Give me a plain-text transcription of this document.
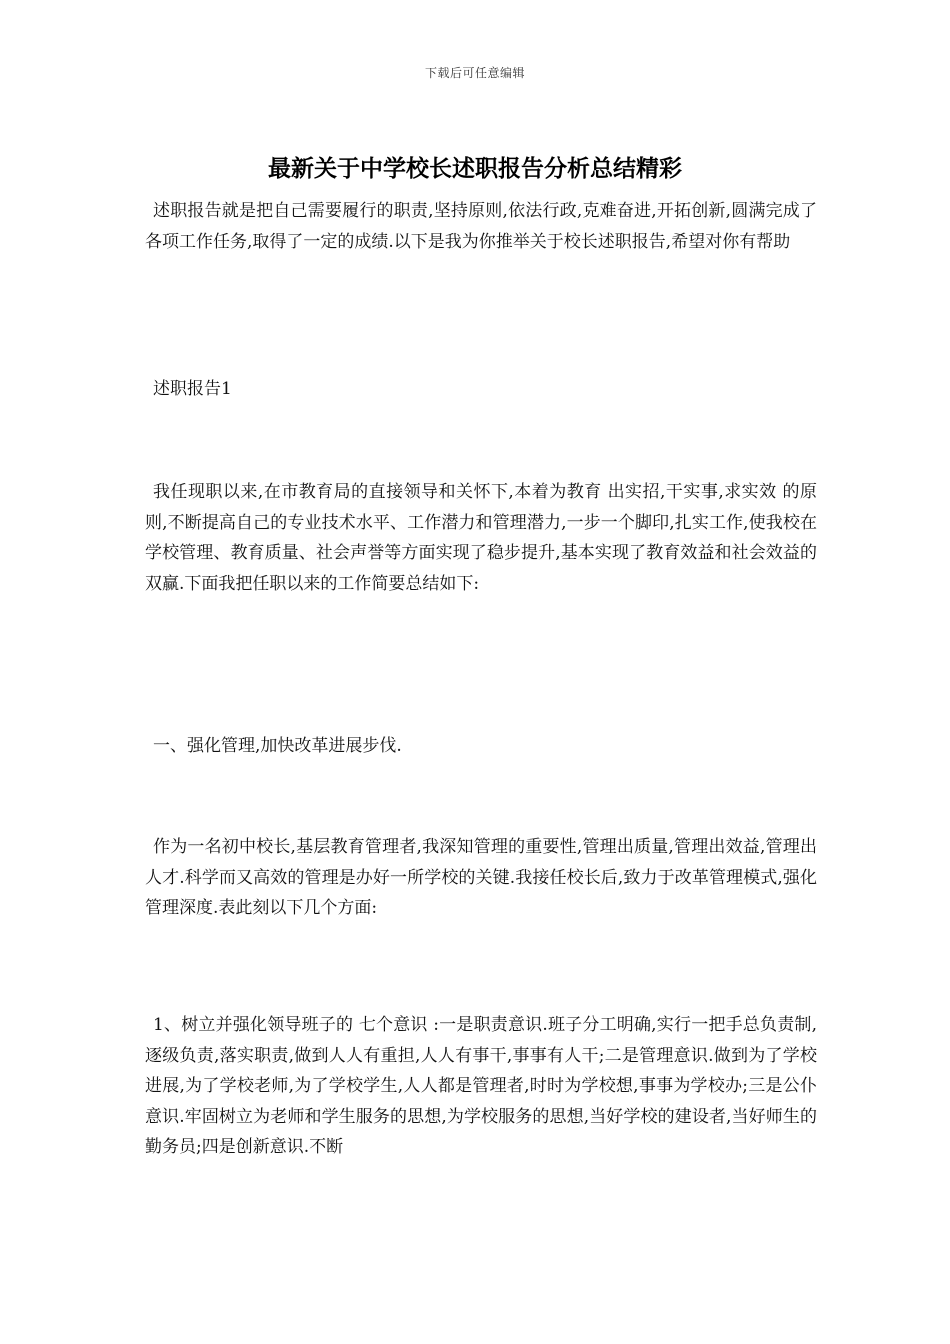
下载后可任意编辑
最新关于中学校长述职报告分析总结精彩

述职报告就是把自己需要履行的职责,坚持原则,依法行政,克难奋进,开拓创新,圆满完成了各项工作任务,取得了一定的成绩.以下是我为你推举关于校长述职报告,希望对你有帮助

述职报告1

我任现职以来,在市教育局的直接领导和关怀下,本着为教育 出实招,干实事,求实效 的原则,不断提高自己的专业技术水平、工作潜力和管理潜力,一步一个脚印,扎实工作,使我校在学校管理、教育质量、社会声誉等方面实现了稳步提升,基本实现了教育效益和社会效益的双赢.下面我把任职以来的工作简要总结如下:

一、强化管理,加快改革进展步伐.

作为一名初中校长,基层教育管理者,我深知管理的重要性,管理出质量,管理出效益,管理出人才.科学而又高效的管理是办好一所学校的关键.我接任校长后,致力于改革管理模式,强化管理深度.表此刻以下几个方面:

1、树立并强化领导班子的 七个意识 :一是职责意识.班子分工明确,实行一把手总负责制,逐级负责,落实职责,做到人人有重担,人人有事干,事事有人干;二是管理意识.做到为了学校进展,为了学校老师,为了学校学生,人人都是管理者,时时为学校想,事事为学校办;三是公仆意识.牢固树立为老师和学生服务的思想,为学校服务的思想,当好学校的建设者,当好师生的勤务员;四是创新意识.不断
